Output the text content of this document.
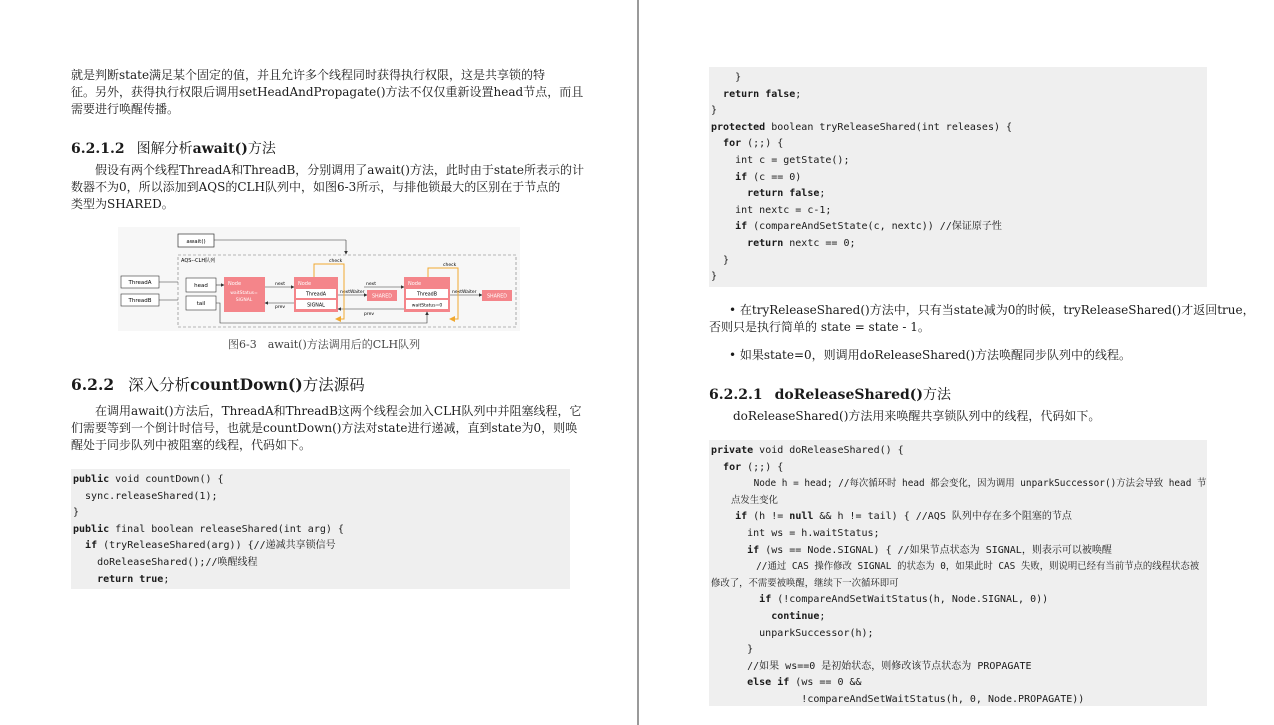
就是判断state满足某个固定的值，并且允许多个线程同时获得执行权限，这是共享锁的特
征。另外，获得执行权限后调用setHeadAndPropagate()方法不仅仅重新设置head节点，而且
需要进行唤醒传播。

6.2.1.2 图解分析await()方法

假设有两个线程ThreadA和ThreadB，分别调用了await()方法，此时由于state所表示的计
数器不为0，所以添加到AQS的CLH队列中，如图6-3所示，与排他锁最大的区别在于节点的
类型为SHARED。

await()
AQS--CLH队列
ThreadA
ThreadB
head
tail
Node
waitStatus=
SIGNAL
Node
ThreadA
SIGNAL
Node
ThreadB
waitStatus=0
next
prev
next
prev
nextWaiter
SHARED
nextWaiter
SHARED
check
check
图6-3　await()方法调用后的CLH队列
6.2.2 深入分析countDown()方法源码

在调用await()方法后，ThreadA和ThreadB这两个线程会加入CLH队列中并阻塞线程，它
们需要等到一个倒计时信号，也就是countDown()方法对state进行递减，直到state为0，则唤
醒处于同步队列中被阻塞的线程，代码如下。

public void countDown() {
sync.releaseShared(1);
}
public final boolean releaseShared(int arg) {
if (tryReleaseShared(arg)) {//递减共享锁信号
doReleaseShared();//唤醒线程
return true;
}
return false;
}
protected boolean tryReleaseShared(int releases) {
for (;;) {
int c = getState();
if (c == 0)
return false;
int nextc = c-1;
if (compareAndSetState(c, nextc)) //保证原子性
return nextc == 0;
}
}
• 在tryReleaseShared()方法中，只有当state减为0的时候，tryReleaseShared()才返回true，
否则只是执行简单的 state = state - 1。
• 如果state=0，则调用doReleaseShared()方法唤醒同步队列中的线程。
6.2.2.1 doReleaseShared()方法
doReleaseShared()方法用来唤醒共享锁队列中的线程，代码如下。
private void doReleaseShared() {
for (;;) {
Node h = head; //每次循环时 head 都会变化，因为调用 unparkSuccessor()方法会导致 head 节点发生变化
if (h != null && h != tail) { //AQS 队列中存在多个阻塞的节点
int ws = h.waitStatus;
if (ws == Node.SIGNAL) { //如果节点状态为 SIGNAL，则表示可以被唤醒
//通过 CAS 操作修改 SIGNAL 的状态为 0，如果此时 CAS 失败，则说明已经有当前节点的线程状态被修改了，不需要被唤醒，继续下一次循环即可
if (!compareAndSetWaitStatus(h, Node.SIGNAL, 0))
continue;
unparkSuccessor(h);
}
//如果 ws==0 是初始状态，则修改该节点状态为 PROPAGATE
else if (ws == 0 &&
!compareAndSetWaitStatus(h, 0, Node.PROPAGATE))
